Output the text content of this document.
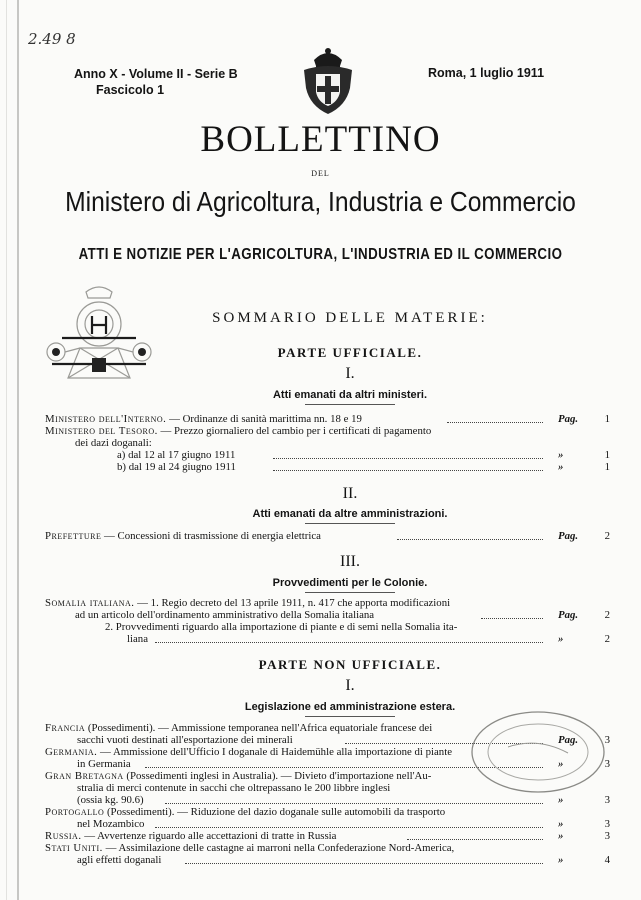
2.49 8
Anno X - Volume II - Serie B
Fascicolo 1
Roma, 1 luglio 1911
BOLLETTINO
DEL
Ministero di Agricoltura, Industria e Commercio
ATTI E NOTIZIE PER L'AGRICOLTURA, L'INDUSTRIA ED IL COMMERCIO
SOMMARIO DELLE MATERIE:
PARTE UFFICIALE.
I.
Atti emanati da altri ministeri.
Ministero dell'Interno. — Ordinanze di sanità marittima nn. 18 e 19	Pag. 1
Ministero del Tesoro. — Prezzo giornaliero del cambio per i certificati di pagamento
dei dazi doganali:
a) dal 12 al 17 giugno 1911	»	1
b) dal 19 al 24 giugno 1911	»	1
II.
Atti emanati da altre amministrazioni.
Prefetture — Concessioni di trasmissione di energia elettrica	Pag. 2
III.
Provvedimenti per le Colonie.
Somalia italiana. — 1. Regio decreto del 13 aprile 1911, n. 417 che apporta modificazioni
ad un articolo dell'ordinamento amministrativo della Somalia italiana	Pag. 2
2. Provvedimenti riguardo alla importazione di piante e di semi nella Somalia ita-
liana	»	2
PARTE NON UFFICIALE.
I.
Legislazione ed amministrazione estera.
Francia (Possedimenti). — Ammissione temporanea nell'Africa equatoriale francese dei
sacchi vuoti destinati all'esportazione dei minerali	Pag. 3
Germania. — Ammissione dell'Ufficio I doganale di Haidemühle alla importazione di piante
in Germania	»	3
Gran Bretagna (Possedimenti inglesi in Australia). — Divieto d'importazione nell'Au-
stralia di merci contenute in sacchi che oltrepassano le 200 libbre inglesi
(ossia kg. 90.6)	»	3
Portogallo (Possedimenti). — Riduzione del dazio doganale sulle automobili da trasporto
nel Mozambico	»	3
Russia. — Avvertenze riguardo alle accettazioni di tratte in Russia	»	3
Stati Uniti. — Assimilazione delle castagne ai marroni nella Confederazione Nord-America,
agli effetti doganali	»	4
